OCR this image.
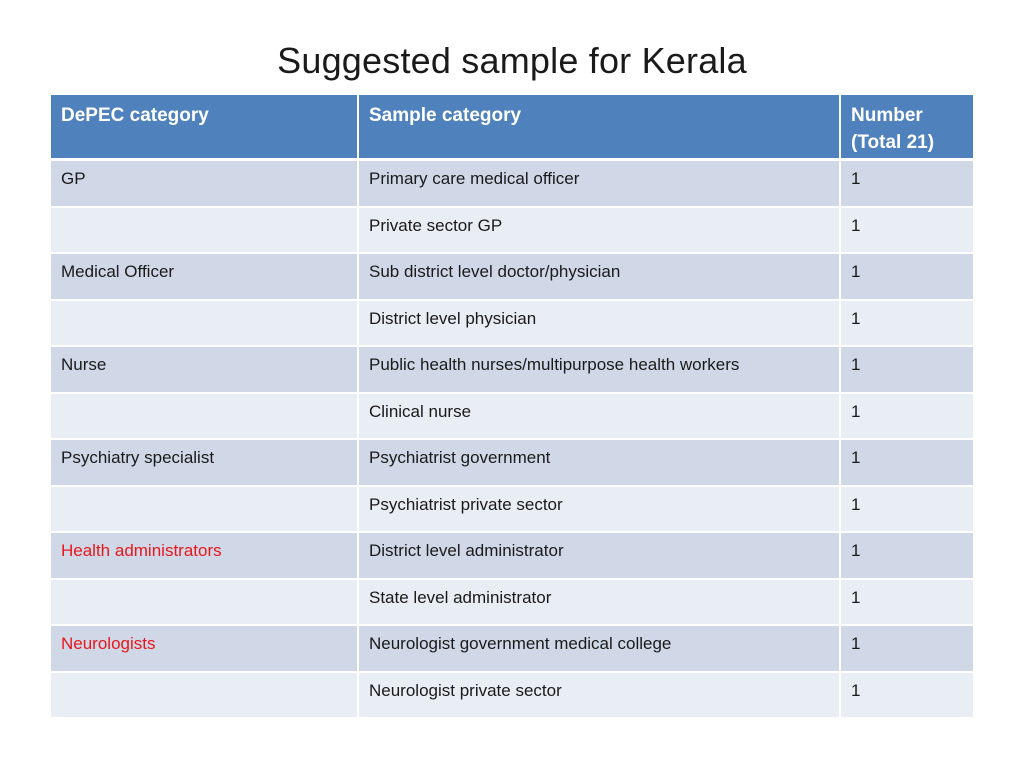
Suggested sample for Kerala
DePEC category	Sample category	Number
(Total 21)
GP	Primary care medical officer	1
	Private sector GP	1
Medical Officer	Sub district level doctor/physician	1
	District level physician	1
Nurse	Public health nurses/multipurpose health workers	1
	Clinical nurse	1
Psychiatry specialist	Psychiatrist government	1
	Psychiatrist private sector	1
Health administrators	District level administrator	1
	State level administrator	1
Neurologists	Neurologist government medical college	1
	Neurologist private sector	1
